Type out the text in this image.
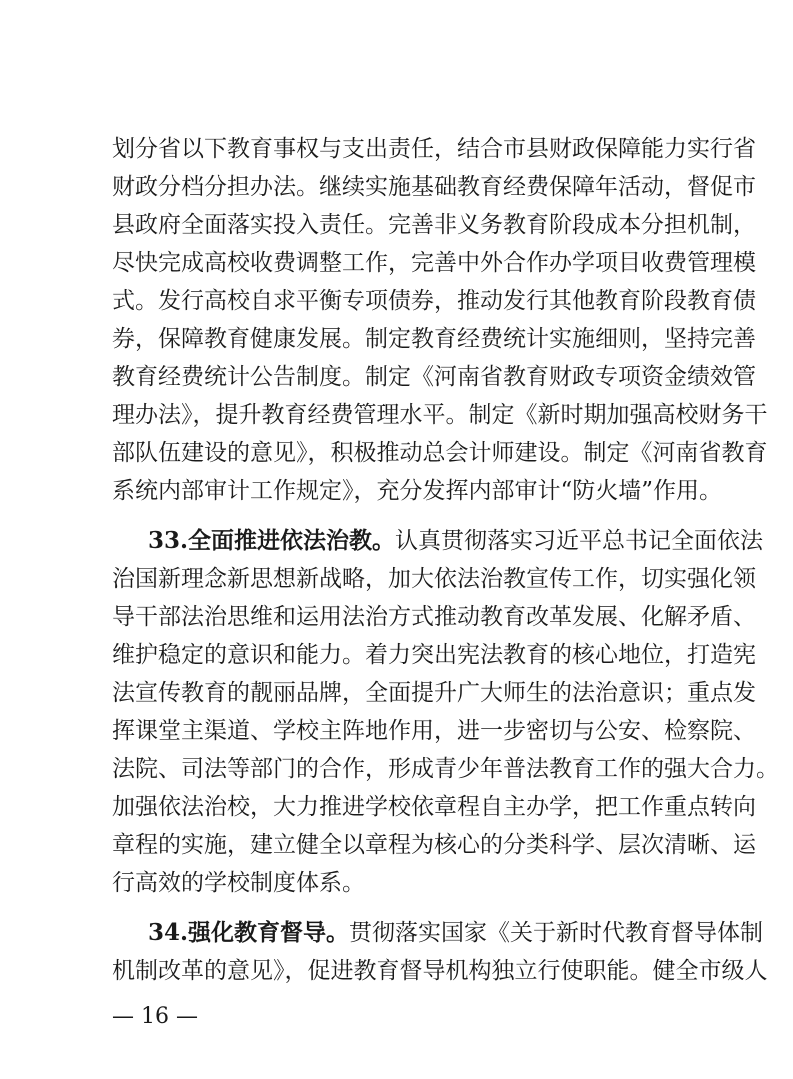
划分省以下教育事权与支出责任，结合市县财政保障能力实行省
财政分档分担办法。继续实施基础教育经费保障年活动，督促市
县政府全面落实投入责任。完善非义务教育阶段成本分担机制，
尽快完成高校收费调整工作，完善中外合作办学项目收费管理模
式。发行高校自求平衡专项债券，推动发行其他教育阶段教育债
券，保障教育健康发展。制定教育经费统计实施细则，坚持完善
教育经费统计公告制度。制定《河南省教育财政专项资金绩效管
理办法》，提升教育经费管理水平。制定《新时期加强高校财务干
部队伍建设的意见》，积极推动总会计师建设。制定《河南省教育
系统内部审计工作规定》，充分发挥内部审计“防火墙”作用。
33.全面推进依法治教。认真贯彻落实习近平总书记全面依法
治国新理念新思想新战略，加大依法治教宣传工作，切实强化领
导干部法治思维和运用法治方式推动教育改革发展、化解矛盾、
维护稳定的意识和能力。着力突出宪法教育的核心地位，打造宪
法宣传教育的靓丽品牌，全面提升广大师生的法治意识；重点发
挥课堂主渠道、学校主阵地作用，进一步密切与公安、检察院、
法院、司法等部门的合作，形成青少年普法教育工作的强大合力。
加强依法治校，大力推进学校依章程自主办学，把工作重点转向
章程的实施，建立健全以章程为核心的分类科学、层次清晰、运
行高效的学校制度体系。
34.强化教育督导。贯彻落实国家《关于新时代教育督导体制
机制改革的意见》，促进教育督导机构独立行使职能。健全市级人
— 16 —
